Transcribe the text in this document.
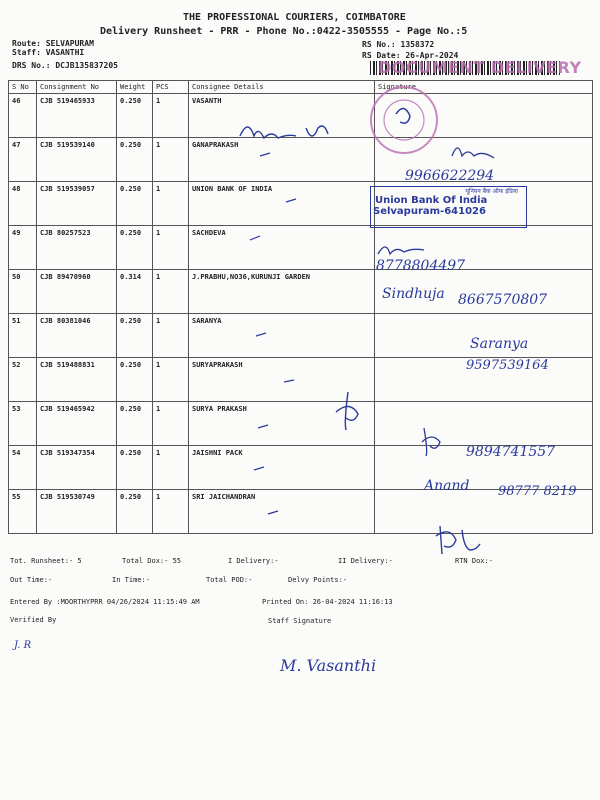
THE PROFESSIONAL COURIERS, COIMBATORE
Delivery Runsheet - PRR - Phone No.:0422-3505555 - Page No.:5
Route: SELVAPURAM
Staff: VASANTHI
DRS No.: DCJB135837205
RS No.: 1358372
RS Date: 26-Apr-2024
DOCUMENT DELIVERY
S No	Consignment No	Weight	PCS	Consignee Details	Signature
46	CJB 519465933	0.250	1	VASANTH	
47	CJB 519539140	0.250	1	GANAPRAKASH	
48	CJB 519539057	0.250	1	UNION BANK OF INDIA	
49	CJB 80257523	0.250	1	SACHDEVA	
50	CJB 89470960	0.314	1	J.PRABHU,NO36,KURUNJI GARDEN	
51	CJB 80381046	0.250	1	SARANYA	
52	CJB 519488831	0.250	1	SURYAPRAKASH	
53	CJB 519465942	0.250	1	SURYA PRAKASH	
54	CJB 519347354	0.250	1	JAISHNI PACK	
55	CJB 519530749	0.250	1	SRI JAICHANDRAN	
यूनियन बैंक ऑफ इंडिया
Union Bank Of India
Selvapuram-641026
9966622294
8778804497
Sindhuja 8667570807
Saranya
9597539164
9894741557
Anand 98777 8219
Tot. Runsheet:- 5	Total Dox:- 55	I Delivery:-	II Delivery:-	RTN Dox:-
Out Time:-	In Time:-	Total POD:-	Delvy Points:-
Entered By :MOORTHYPRR 04/26/2024 11:15:49 AM	Printed On: 26-04-2024 11:16:13
Verified By	Staff Signature
J. R
M. Vasanthi
